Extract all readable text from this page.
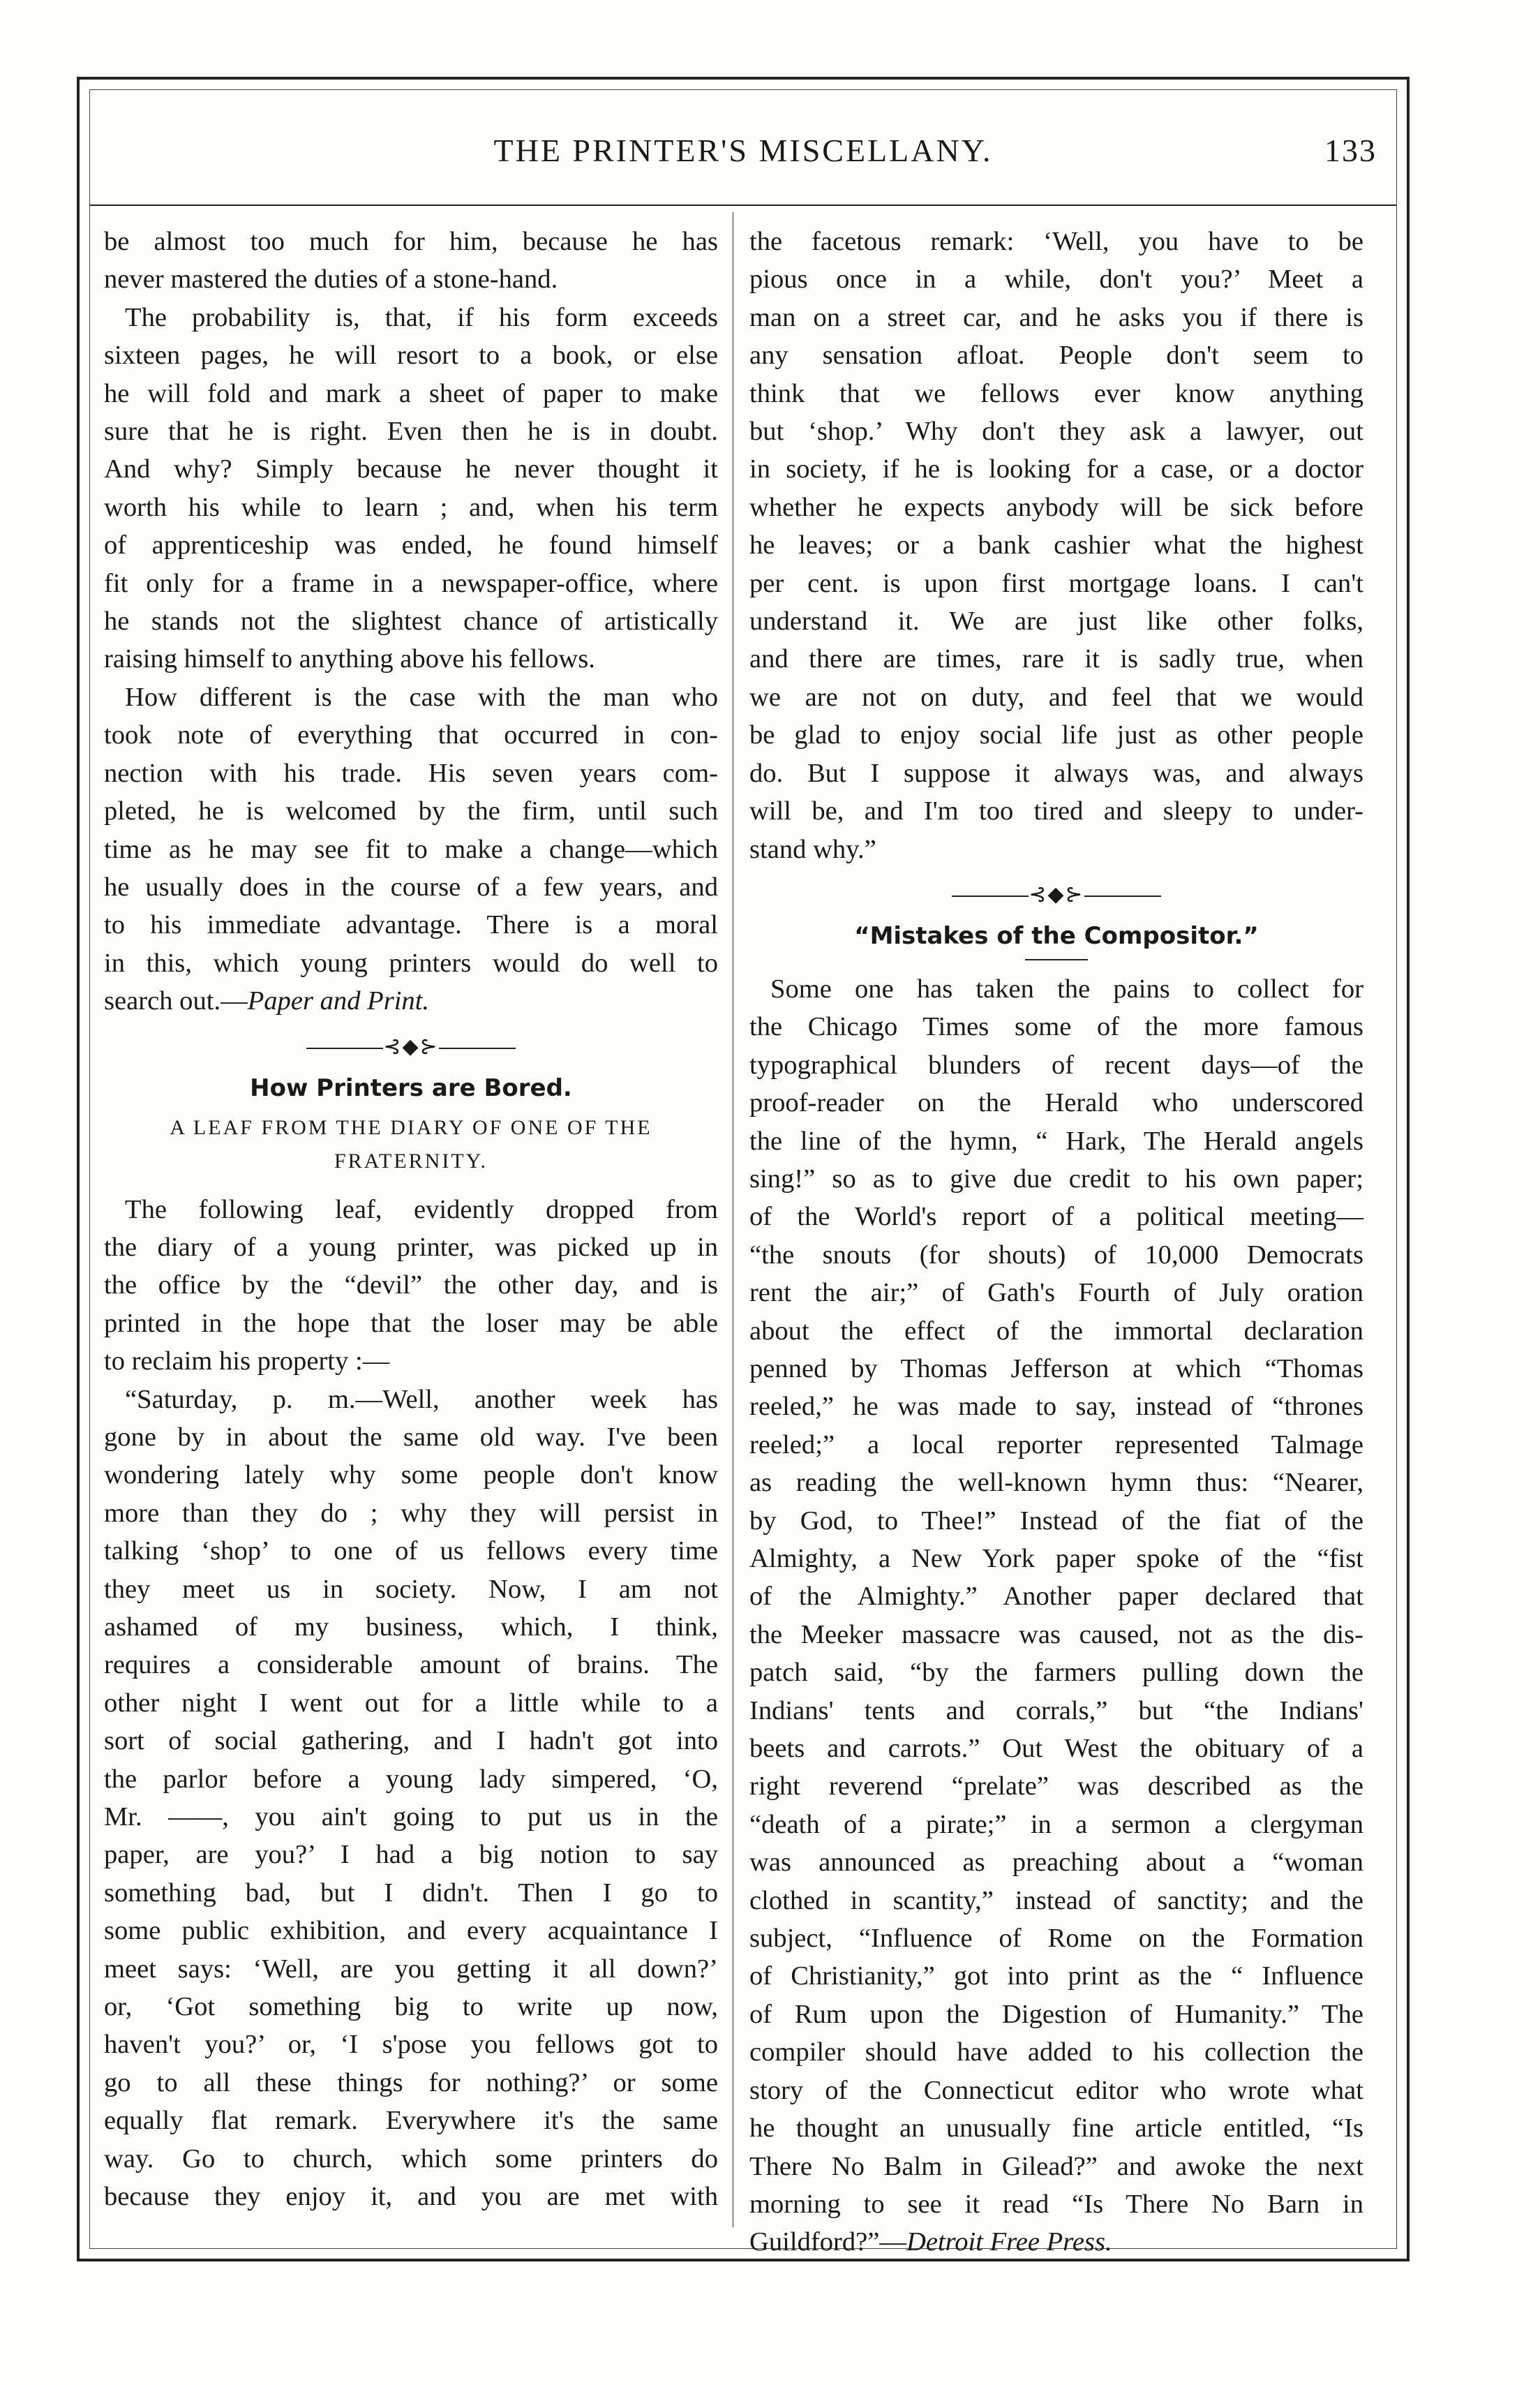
THE PRINTER'S MISCELLANY.	133

be almost too much for him, because he has
never mastered the duties of a stone-hand.

The probability is, that, if his form exceeds
sixteen pages, he will resort to a book, or else
he will fold and mark a sheet of paper to make
sure that he is right. Even then he is in doubt.
And why? Simply because he never thought it
worth his while to learn ; and, when his term
of apprenticeship was ended, he found himself
fit only for a frame in a newspaper-office, where
he stands not the slightest chance of artistically
raising himself to anything above his fellows.

How different is the case with the man who
took note of everything that occurred in con-
nection with his trade. His seven years com-
pleted, he is welcomed by the firm, until such
time as he may see fit to make a change—which
he usually does in the course of a few years, and
to his immediate advantage. There is a moral
in this, which young printers would do well to

search out.—Paper and Print.

⊰◆⊱
How Printers are Bored.
A LEAF FROM THE DIARY OF ONE OF THE
FRATERNITY.

The following leaf, evidently dropped from
the diary of a young printer, was picked up in
the office by the “devil” the other day, and is
printed in the hope that the loser may be able
to reclaim his property :—

“Saturday, p. m.—Well, another week has
gone by in about the same old way. I've been
wondering lately why some people don't know
more than they do ; why they will persist in
talking ‘shop’ to one of us fellows every time
they meet us in society. Now, I am not
ashamed of my business, which, I think,
requires a considerable amount of brains. The
other night I went out for a little while to a
sort of social gathering, and I hadn't got into
the parlor before a young lady simpered, ‘O,
Mr. ——, you ain't going to put us in the
paper, are you?’ I had a big notion to say
something bad, but I didn't. Then I go to
some public exhibition, and every acquaintance I
meet says: ‘Well, are you getting it all down?’
or, ‘Got something big to write up now,
haven't you?’ or, ‘I s'pose you fellows got to
go to all these things for nothing?’ or some
equally flat remark. Everywhere it's the same
way. Go to church, which some printers do
because they enjoy it, and you are met with

the facetous remark: ‘Well, you have to be
pious once in a while, don't you?’ Meet a
man on a street car, and he asks you if there is
any sensation afloat. People don't seem to
think that we fellows ever know anything
but ‘shop.’ Why don't they ask a lawyer, out
in society, if he is looking for a case, or a doctor
whether he expects anybody will be sick before
he leaves; or a bank cashier what the highest
per cent. is upon first mortgage loans. I can't
understand it. We are just like other folks,
and there are times, rare it is sadly true, when
we are not on duty, and feel that we would
be glad to enjoy social life just as other people
do. But I suppose it always was, and always
will be, and I'm too tired and sleepy to under-
stand why.”

⊰◆⊱
“Mistakes of the Compositor.”

Some one has taken the pains to collect for
the Chicago Times some of the more famous
typographical blunders of recent days—of the
proof-reader on the Herald who underscored
the line of the hymn, “ Hark, The Herald angels
sing!” so as to give due credit to his own paper;
of the World's report of a political meeting—
“the snouts (for shouts) of 10,000 Democrats
rent the air;” of Gath's Fourth of July oration
about the effect of the immortal declaration
penned by Thomas Jefferson at which “Thomas
reeled,” he was made to say, instead of “thrones
reeled;” a local reporter represented Talmage
as reading the well-known hymn thus: “Nearer,
by God, to Thee!” Instead of the fiat of the
Almighty, a New York paper spoke of the “fist
of the Almighty.” Another paper declared that
the Meeker massacre was caused, not as the dis-
patch said, “by the farmers pulling down the
Indians' tents and corrals,” but “the Indians'
beets and carrots.” Out West the obituary of a
right reverend “prelate” was described as the
“death of a pirate;” in a sermon a clergyman
was announced as preaching about a “woman
clothed in scantity,” instead of sanctity; and the
subject, “Influence of Rome on the Formation
of Christianity,” got into print as the “ Influence
of Rum upon the Digestion of Humanity.” The
compiler should have added to his collection the
story of the Connecticut editor who wrote what
he thought an unusually fine article entitled, “Is
There No Balm in Gilead?” and awoke the next
morning to see it read “Is There No Barn in

Guildford?”—Detroit Free Press.
